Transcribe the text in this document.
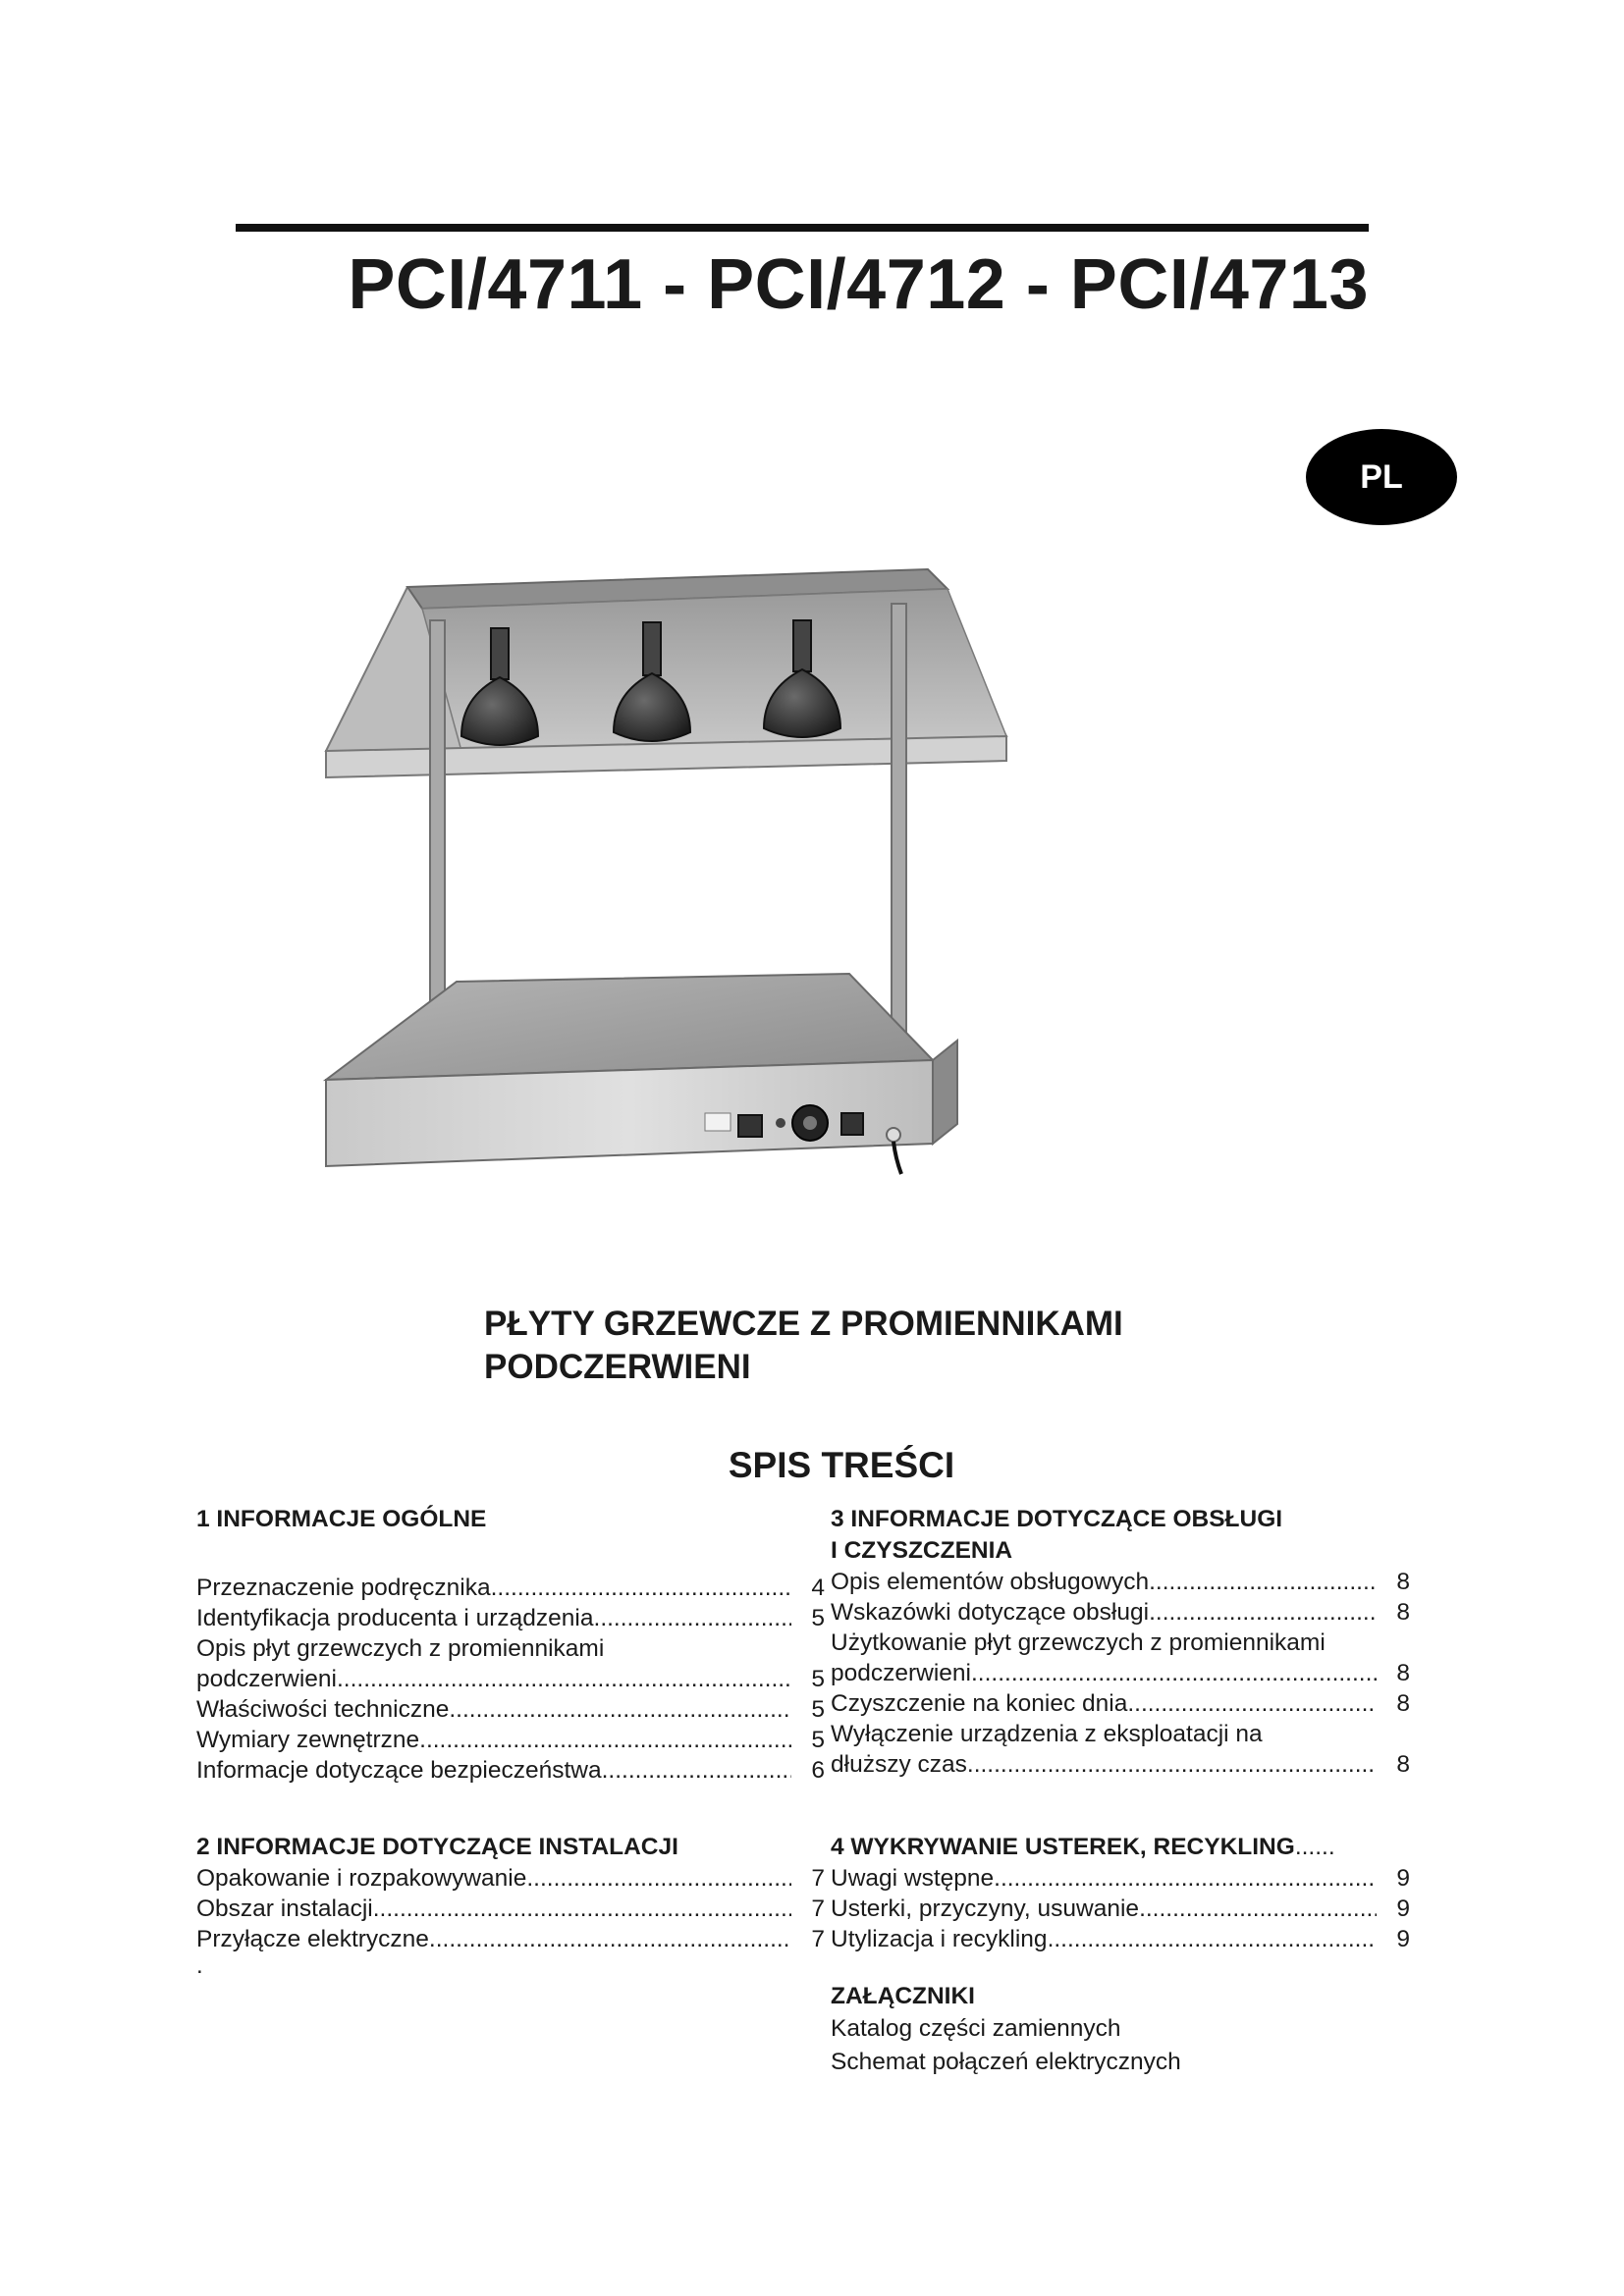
PCI/4711 - PCI/4712 - PCI/4713
PL
PŁYTY GRZEWCZE Z PROMIENNIKAMI
PODCZERWIENI
SPIS TREŚCI
1 INFORMACJE OGÓLNE
Przeznaczenie podręcznika .....	4
Identyfikacja producenta i urządzenia .....	5
Opis płyt grzewczych z promiennikami
podczerwieni .....	5
Właściwości techniczne .....	5
Wymiary zewnętrzne .....	5
Informacje dotyczące bezpieczeństwa .....	6
2 INFORMACJE DOTYCZĄCE INSTALACJI
Opakowanie i rozpakowywanie .....	7
Obszar instalacji .....	7
Przyłącze elektryczne .....	7
.
3 INFORMACJE DOTYCZĄCE OBSŁUGI
I CZYSZCZENIA
Opis elementów obsługowych .....	8
Wskazówki dotyczące obsługi .....	8
Użytkowanie płyt grzewczych z promiennikami
podczerwieni .....	8
Czyszczenie na koniec dnia .....	8
Wyłączenie urządzenia z eksploatacji na
dłuższy czas .....	8
4 WYKRYWANIE USTEREK, RECYKLING......
Uwagi wstępne .....	9
Usterki, przyczyny, usuwanie .....	9
Utylizacja i recykling .....	9
ZAŁĄCZNIKI
Katalog części zamiennych
Schemat połączeń elektrycznych
